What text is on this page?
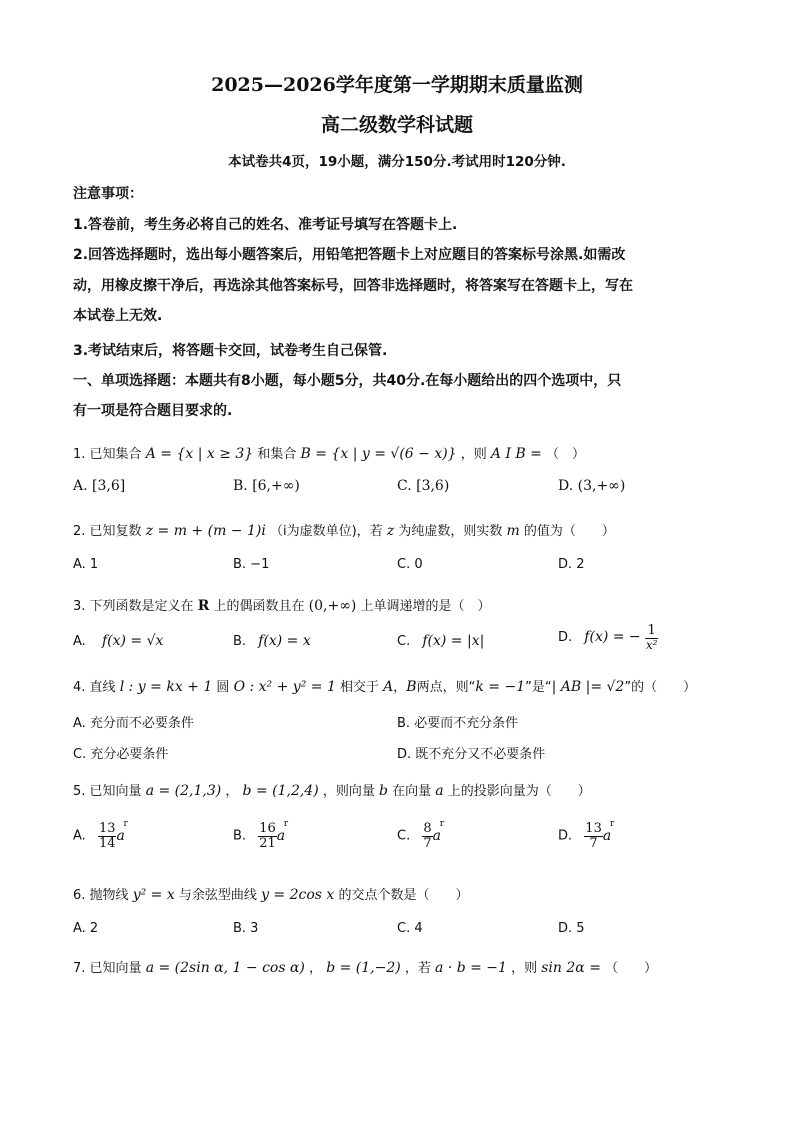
2025—2026学年度第一学期期末质量监测
高二级数学科试题
本试卷共4页，19小题，满分150分.考试用时120分钟.
注意事项：
1.答卷前，考生务必将自己的姓名、准考证号填写在答题卡上.
2.回答选择题时，选出每小题答案后，用铅笔把答题卡上对应题目的答案标号涂黑.如需改
动，用橡皮擦干净后，再选涂其他答案标号，回答非选择题时，将答案写在答题卡上，写在
本试卷上无效.
3.考试结束后，将答题卡交回，试卷考生自己保管.
一、单项选择题：本题共有8小题，每小题5分，共40分.在每小题给出的四个选项中，只
有一项是符合题目要求的.
1. 已知集合 A = {x | x ≥ 3} 和集合 B = {x | y = √(6 − x)} ，则 A I B = （　）
A. [3,6]	B. [6,+∞)	C. [3,6)	D. (3,+∞)
2. 已知复数 z = m + (m − 1)i （i为虚数单位)，若 z 为纯虚数，则实数 m 的值为（　　）
A. 1	B. −1	C. 0	D. 2
3. 下列函数是定义在 R 上的偶函数且在 (0,+∞) 上单调递增的是（　）
A. f(x) = √x	B. f(x) = x	C. f(x) = |x|	D. f(x) = − $\frac{1}{\text{x²}}$
4. 直线 l : y = kx + 1 圆 O : x² + y² = 1 相交于 A，B两点，则“k = −1”是“| AB |= √2”的（　　）
A. 充分而不必要条件	B. 必要而不充分条件
C. 充分必要条件	D. 既不充分又不必要条件
5. 已知向量 a = (2,1,3) ， b = (1,2,4) ，则向量 b 在向量 a 上的投影向量为（　　）
A. $\frac{13}{14}$ r a	B. $\frac{16}{21}$ r a	C. $\frac{8}{7}$ r a	D. $\frac{13}{7}$ r a
6. 抛物线 y² = x 与余弦型曲线 y = 2cos x 的交点个数是（　　）
A. 2	B. 3	C. 4	D. 5
7. 已知向量 a = (2sin α, 1 − cos α) ， b = (1,−2) ，若 a · b = −1 ，则 sin 2α = （　　）
